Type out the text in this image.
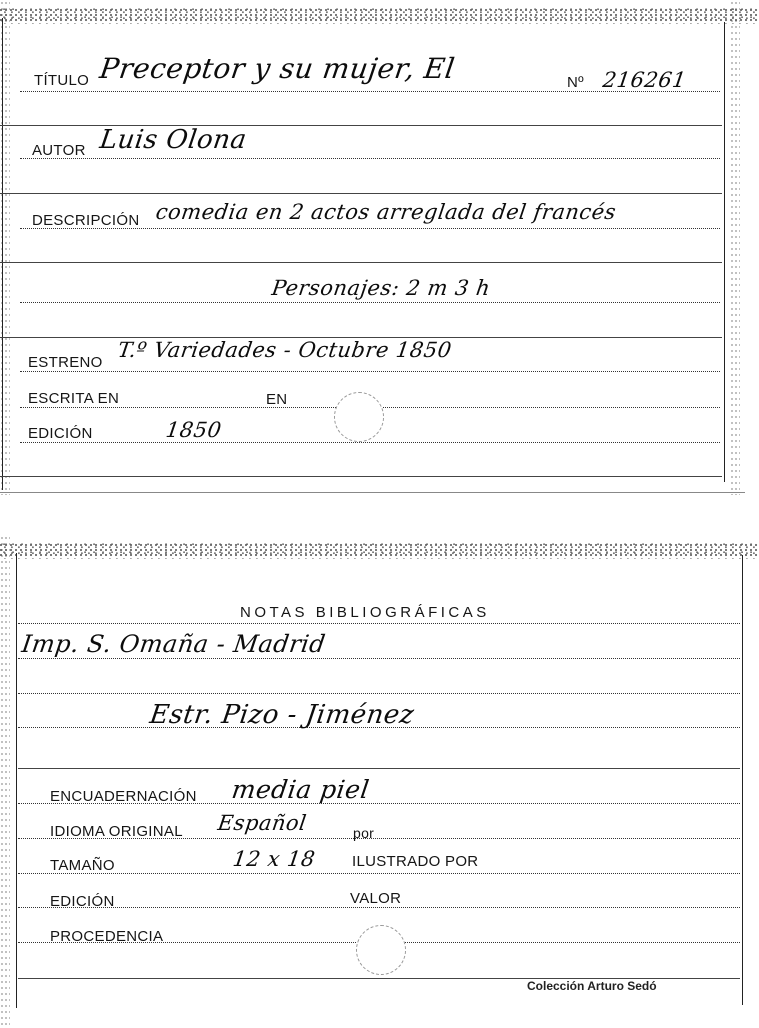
TÍTULO Preceptor y su mujer, El	Nº 216261
AUTOR Luis Olona
DESCRIPCIÓN comedia en 2 actos arreglada del francés
Personajes: 2 m 3 h
ESTRENO
T.º Variedades - Octubre 1850
ESCRITA EN	EN
EDICIÓN	1850
NOTAS BIBLIOGRÁFICAS
Imp. S. Omaña - Madrid
Estr. Pizo - Jiménez
ENCUADERNACIÓN media piel
IDIOMA ORIGINAL Español	por
TAMAÑO	12 x 18 ILUSTRADO POR
EDICIÓN	VALOR
PROCEDENCIA
Colección Arturo Sedó
